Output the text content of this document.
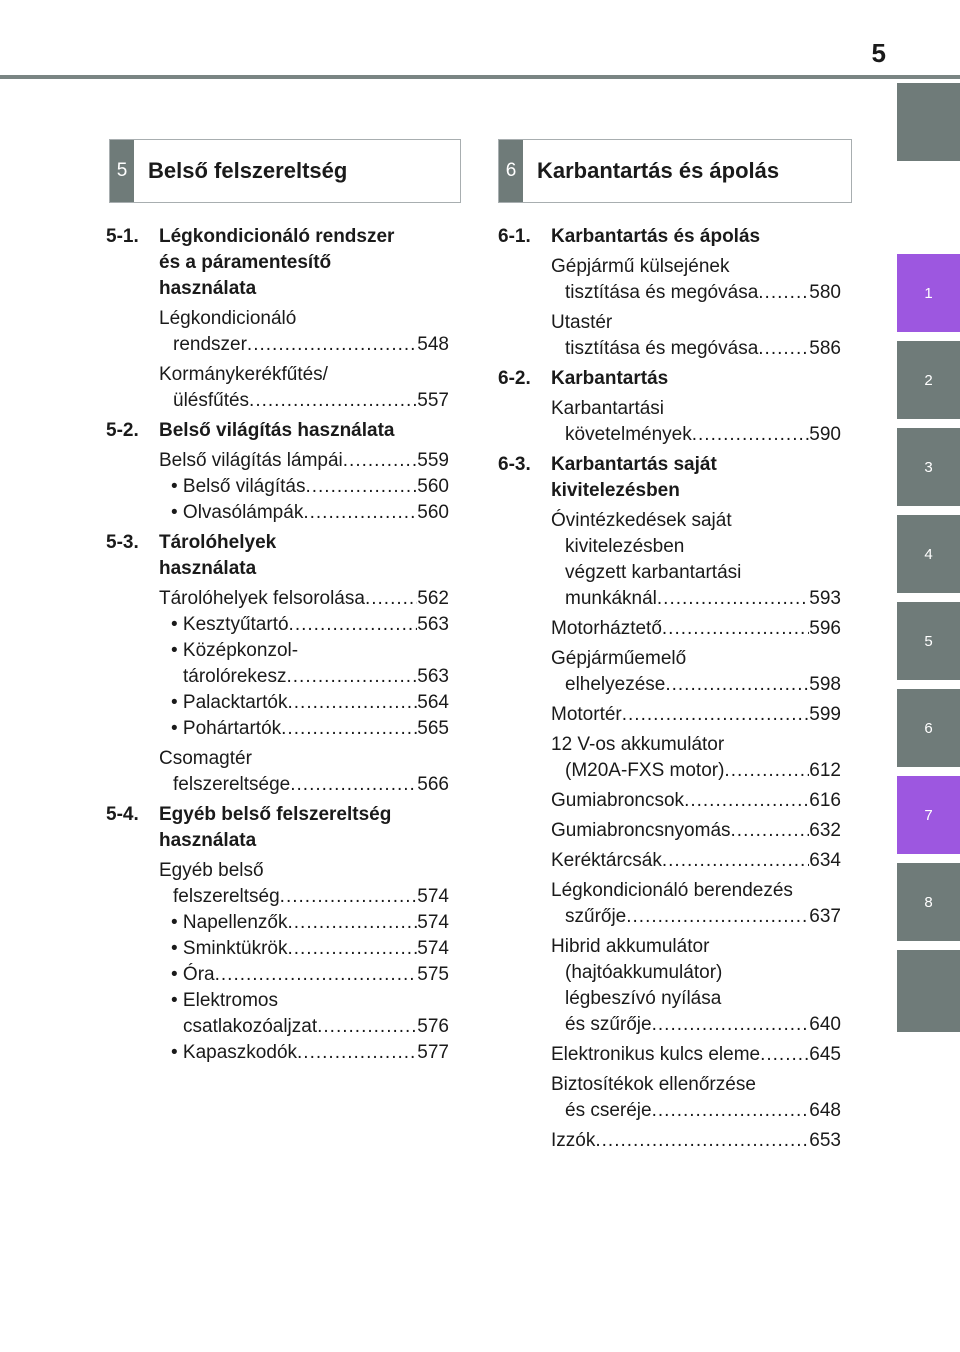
5
1
2
3
4
5
6
7
8
5 Belső felszereltség	6 Karbantartás és ápolás
5-1.	Légkondicionáló rendszer
és a páramentesítő
használata
Légkondicionáló
rendszer .....	548
Kormánykerékfűtés/
ülésfűtés .....	557
5-2.	Belső világítás használata
Belső világítás lámpái .....	559
• Belső világítás .....	560
• Olvasólámpák .....	560
5-3.	Tárolóhelyek
használata
Tárolóhelyek felsorolása .....	562
• Kesztyűtartó .....	563
• Középkonzol-
tárolórekesz .....	563
• Palacktartók .....	564
• Pohártartók .....	565
Csomagtér
felszereltsége .....	566
5-4.	Egyéb belső felszereltség
használata
Egyéb belső
felszereltség .....	574
• Napellenzők .....	574
• Sminktükrök .....	574
• Óra .....	575
• Elektromos
csatlakozóaljzat .....	576
• Kapaszkodók .....	577
6-1.	Karbantartás és ápolás
Gépjármű külsejének
tisztítása és megóvása .....	580
Utastér
tisztítása és megóvása .....	586
6-2.	Karbantartás
Karbantartási
követelmények .....	590
6-3.	Karbantartás saját
kivitelezésben
Óvintézkedések saját
kivitelezésben
végzett karbantartási
munkáknál .....	593
Motorháztető .....	596
Gépjárműemelő
elhelyezése .....	598
Motortér .....	599
12 V-os akkumulátor
(M20A-FXS motor) .....	612
Gumiabroncsok .....	616
Gumiabroncsnyomás .....	632
Keréktárcsák .....	634
Légkondicionáló berendezés
szűrője .....	637
Hibrid akkumulátor
(hajtóakkumulátor)
légbeszívó nyílása
és szűrője .....	640
Elektronikus kulcs eleme .....	645
Biztosítékok ellenőrzése
és cseréje .....	648
Izzók .....	653
